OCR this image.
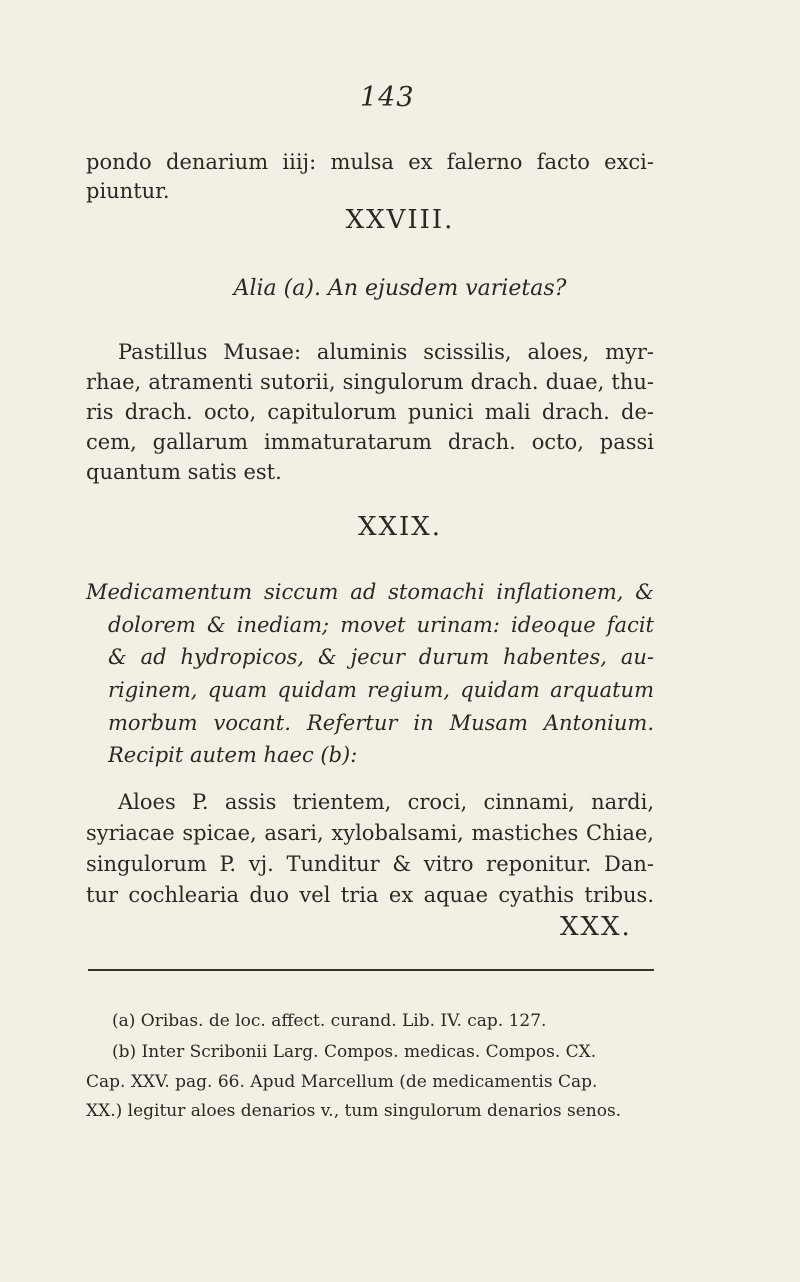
143
pondo denarium iiij: mulsa ex falerno facto exci-
piuntur.
XXVIII.
Alia (a). An ejusdem varietas?
Pastillus Musae: aluminis scissilis, aloes, myr-
rhae, atramenti sutorii, singulorum drach. duae, thu-
ris drach. octo, capitulorum punici mali drach. de-
cem, gallarum immaturatarum drach. octo, passi
quantum satis est.
XXIX.
Medicamentum siccum ad stomachi inflationem, &
dolorem & inediam; movet urinam: ideoque facit
& ad hydropicos, & jecur durum habentes, au-
riginem, quam quidam regium, quidam arquatum
morbum vocant. Refertur in Musam Antonium.
Recipit autem haec (b):
Aloes P. assis trientem, croci, cinnami, nardi,
syriacae spicae, asari, xylobalsami, mastiches Chiae,
singulorum P. vj. Tunditur & vitro reponitur. Dan-
tur cochlearia duo vel tria ex aquae cyathis tribus.
XXX.
(a) Oribas. de loc. affect. curand. Lib. IV. cap. 127.
(b) Inter Scribonii Larg. Compos. medicas. Compos. CX.
Cap. XXV. pag. 66. Apud Marcellum (de medicamentis Cap.
XX.) legitur aloes denarios v., tum singulorum denarios senos.
